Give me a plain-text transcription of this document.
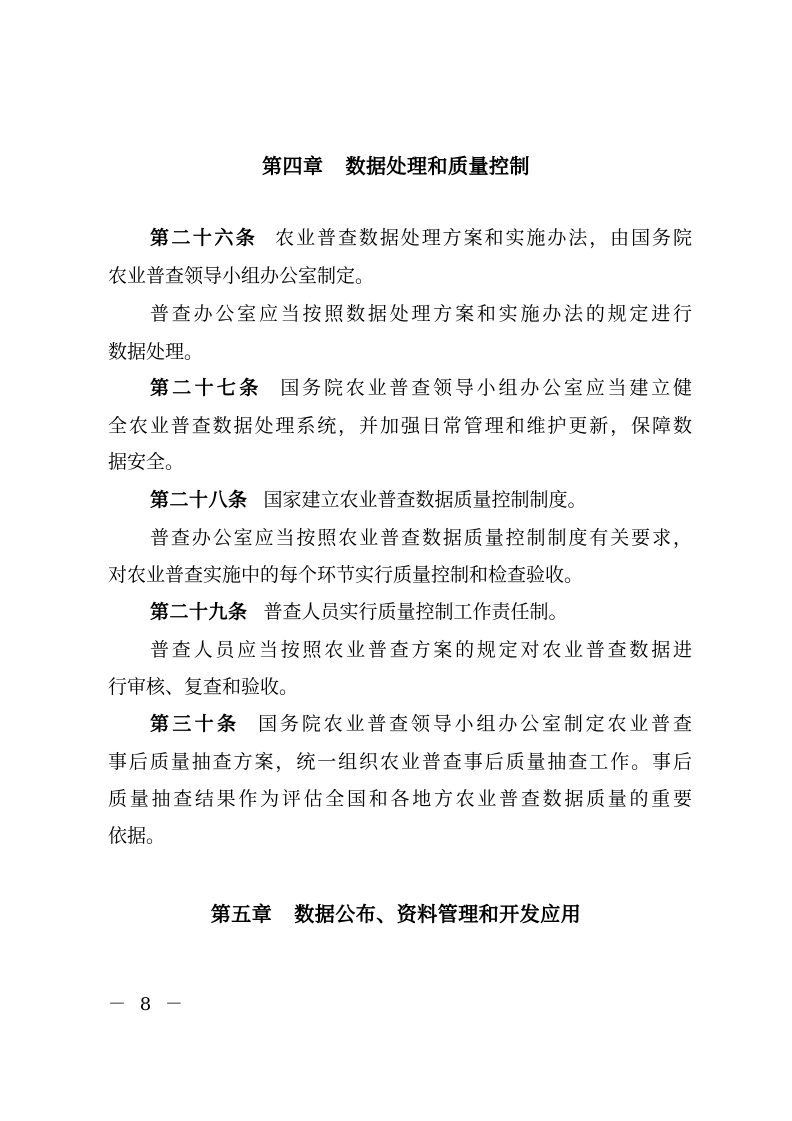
第四章 数据处理和质量控制
第二十六条 农业普查数据处理方案和实施办法，由国务院
农业普查领导小组办公室制定。
普查办公室应当按照数据处理方案和实施办法的规定进行
数据处理。
第二十七条 国务院农业普查领导小组办公室应当建立健
全农业普查数据处理系统，并加强日常管理和维护更新，保障数
据安全。
第二十八条 国家建立农业普查数据质量控制制度。
普查办公室应当按照农业普查数据质量控制制度有关要求，
对农业普查实施中的每个环节实行质量控制和检查验收。
第二十九条 普查人员实行质量控制工作责任制。
普查人员应当按照农业普查方案的规定对农业普查数据进
行审核、复查和验收。
第三十条 国务院农业普查领导小组办公室制定农业普查
事后质量抽查方案，统一组织农业普查事后质量抽查工作。事后
质量抽查结果作为评估全国和各地方农业普查数据质量的重要
依据。
第五章 数据公布、资料管理和开发应用
－ 8 －
